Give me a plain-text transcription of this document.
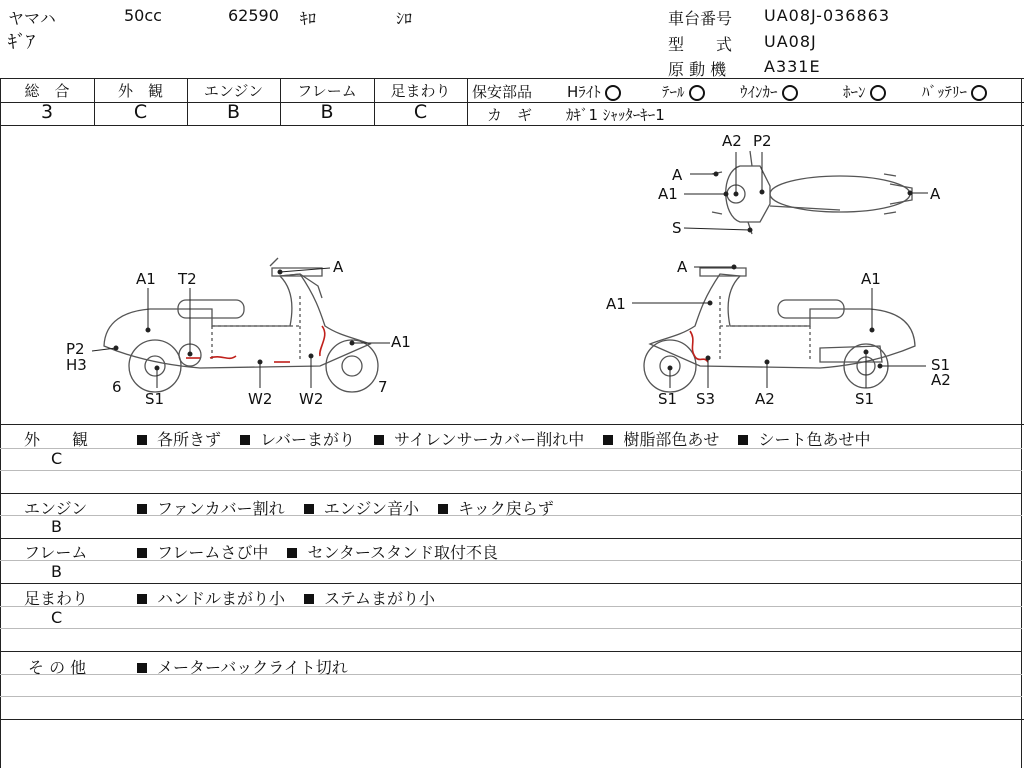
ヤマハ	50cc	62590 ｷﾛ	ｼﾛ
ｷﾞｱ
車台番号 UA08J-036863
型　　式 UA08J
原 動 機 A331E
総　合	外　観	エンジン	フレーム	足まわり
3	C	B	B	C
保安部品 Hﾗｲﾄ	ﾃｰﾙ	ｳｲﾝｶｰ	ﾎｰﾝ	ﾊﾞｯﾃﾘｰ
カ　ギ ｶｷﾞ1 ｼｬｯﾀｰｷｰ1
A1 T2
A
A1
P2
H3
6
S1	W2 W2
7
A
A1
A1
S1
A2
S1 S3	A2	S1
A2 P2
A
A1	A
S
外　　観
C
各所きず レバーまがり サイレンサーカバー削れ中 樹脂部色あせ シート色あせ中
エンジン
B
ファンカバー割れ エンジン音小 キック戻らず
フレーム
B
フレームさび中 センタースタンド取付不良
足まわり
C
ハンドルまがり小 ステムまがり小
そ の 他	メーターバックライト切れ
